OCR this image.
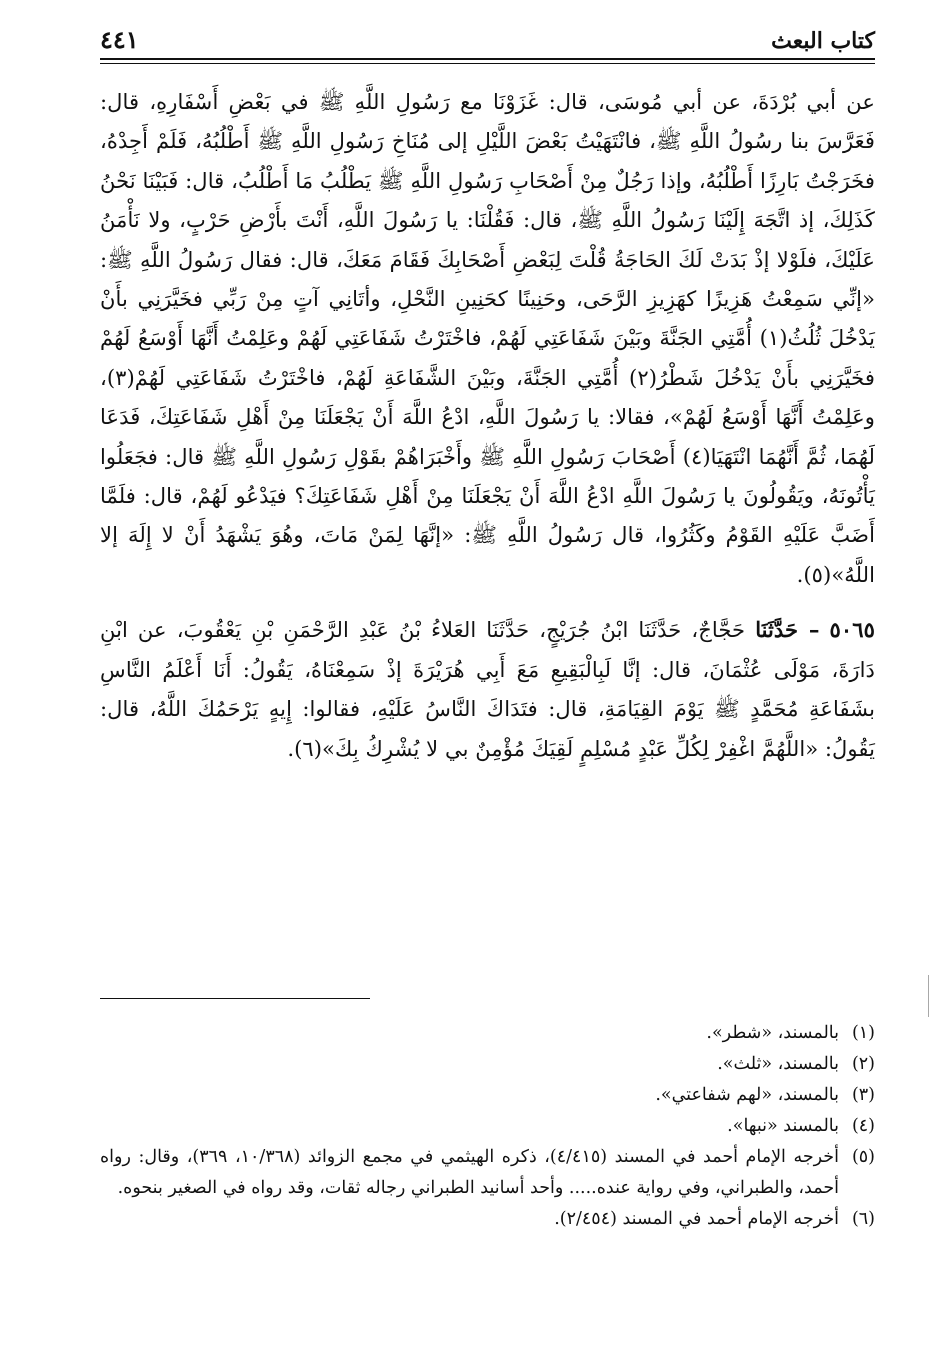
كتاب البعث
٤٤١

عن أبي بُرْدَةَ، عن أبي مُوسَى، قال: غَزَوْنَا مع رَسُولِ اللَّهِ ﷺ في بَعْضِ أَسْفَارِهِ، قال: فَعَرَّسَ بنا رسُولُ اللَّهِ ﷺ، فانْتَهَيْتُ بَعْضَ اللَّيْلِ إلى مُنَاخِ رَسُولِ اللَّهِ ﷺ أَطْلُبُهُ، فَلَمْ أَجِدْهُ، فخَرَجْتُ بَارِزًا أَطْلُبُهُ، وإذا رَجُلٌ مِنْ أَصْحَابِ رَسُولِ اللَّهِ ﷺ يَطْلُبُ مَا أَطْلُبُ، قال: فَبَيْنَا نَحْنُ كَذَلِكَ، إذ اتَّجَهَ إِلَيْنَا رَسُولُ اللَّهِ ﷺ، قال: فَقُلْنَا: يا رَسُولَ اللَّهِ، أَنْتَ بأَرْضِ حَرْبٍ، ولا نَأْمَنُ عَلَيْكَ، فلَوْلا إذْ بَدَتْ لَكَ الحَاجَةُ قُلْتَ لِبَعْضِ أَصْحَابِكَ فَقَامَ مَعَكَ، قال: فقال رَسُولُ اللَّهِ ﷺ: «إنِّي سَمِعْتُ هَزِيزًا كهَزِيزِ الرَّحَى، وحَنِينًا كحَنِينِ النَّحْلِ، وأتَانِي آتٍ مِنْ رَبِّي فخَيَّرَنِي بأَنْ يَدْخُلَ ثُلُثُ(١) أُمَّتِي الجَنَّةَ وبَيْنَ شَفَاعَتِي لَهُمْ، فاخْتَرْتُ شَفَاعَتِي لَهُمْ وعَلِمْتُ أَنَّهَا أَوْسَعُ لَهُمْ فخَيَّرَنِي بأَنْ يَدْخُلَ شَطْرُ(٢) أُمَّتِي الجَنَّةَ، وبَيْنَ الشَّفَاعَةِ لَهُمْ، فاخْتَرْتُ شَفَاعَتِي لَهُمْ(٣)، وعَلِمْتُ أَنَّهَا أَوْسَعُ لَهُمْ»، فقالا: يا رَسُولَ اللَّهِ، ادْعُ اللَّهَ أَنْ يَجْعَلَنَا مِنْ أَهْلِ شَفَاعَتِكَ، فَدَعَا لَهُمَا، ثُمَّ أَنَّهُمَا انْتَهَيَا(٤) أَصْحَابَ رَسُولِ اللَّهِ ﷺ وأَخْبَرَاهُمْ بقَوْلِ رَسُولِ اللَّهِ ﷺ قال: فجَعَلُوا يَأْتُونَهُ، ويَقُولُونَ يا رَسُولَ اللَّهِ ادْعُ اللَّهَ أَنْ يَجْعَلَنَا مِنْ أَهْلِ شَفَاعَتِكَ؟ فيَدْعُو لَهُمْ، قال: فلَمَّا أَضَبَّ عَلَيْهِ القَوْمُ وكَثُرُوا، قال رَسُولُ اللَّهِ ﷺ: «إنَّهَا لِمَنْ مَاتَ، وهُوَ يَشْهَدُ أَنْ لا إِلَهَ إلا اللَّهُ»(٥).

٥٠٦٥ – حَدَّثَنَا حَجَّاجٌ، حَدَّثَنَا ابْنُ جُرَيْجٍ، حَدَّثَنَا العَلاءُ بْنُ عَبْدِ الرَّحْمَنِ بْنِ يَعْقُوبَ، عن ابْنِ دَارَةَ، مَوْلَى عُثْمَانَ، قال: إنَّا لَبِالْبَقِيعِ مَعَ أَبِي هُرَيْرَةَ إذْ سَمِعْنَاهُ، يَقُولُ: أَنَا أَعْلَمُ النَّاسِ بشَفَاعَةِ مُحَمَّدٍ ﷺ يَوْمَ القِيَامَةِ، قال: فتَدَاكَ النَّاسُ عَلَيْهِ، فقالوا: إِيهٍ يَرْحَمُكَ اللَّهُ، قال: يَقُولُ: «اللَّهُمَّ اغْفِرْ لِكُلِّ عَبْدٍ مُسْلِمٍ لَقِيَكَ مُؤْمِنٌ بي لا يُشْرِكُ بِكَ»(٦).

(١)
بالمسند، «شطر».

(٢)
بالمسند، «ثلث».

(٣)
بالمسند، «لهم شفاعتي».

(٤)
بالمسند «نبها».

(٥)
أخرجه الإمام أحمد في المسند (٤/٤١٥)، ذكره الهيثمي في مجمع الزوائد (١٠/٣٦٨، ٣٦٩)، وقال: رواه أحمد، والطبراني، وفي رواية عنده..... وأحد أسانيد الطبراني رجاله ثقات، وقد رواه في الصغير بنحوه.

(٦)
أخرجه الإمام أحمد في المسند (٢/٤٥٤).
